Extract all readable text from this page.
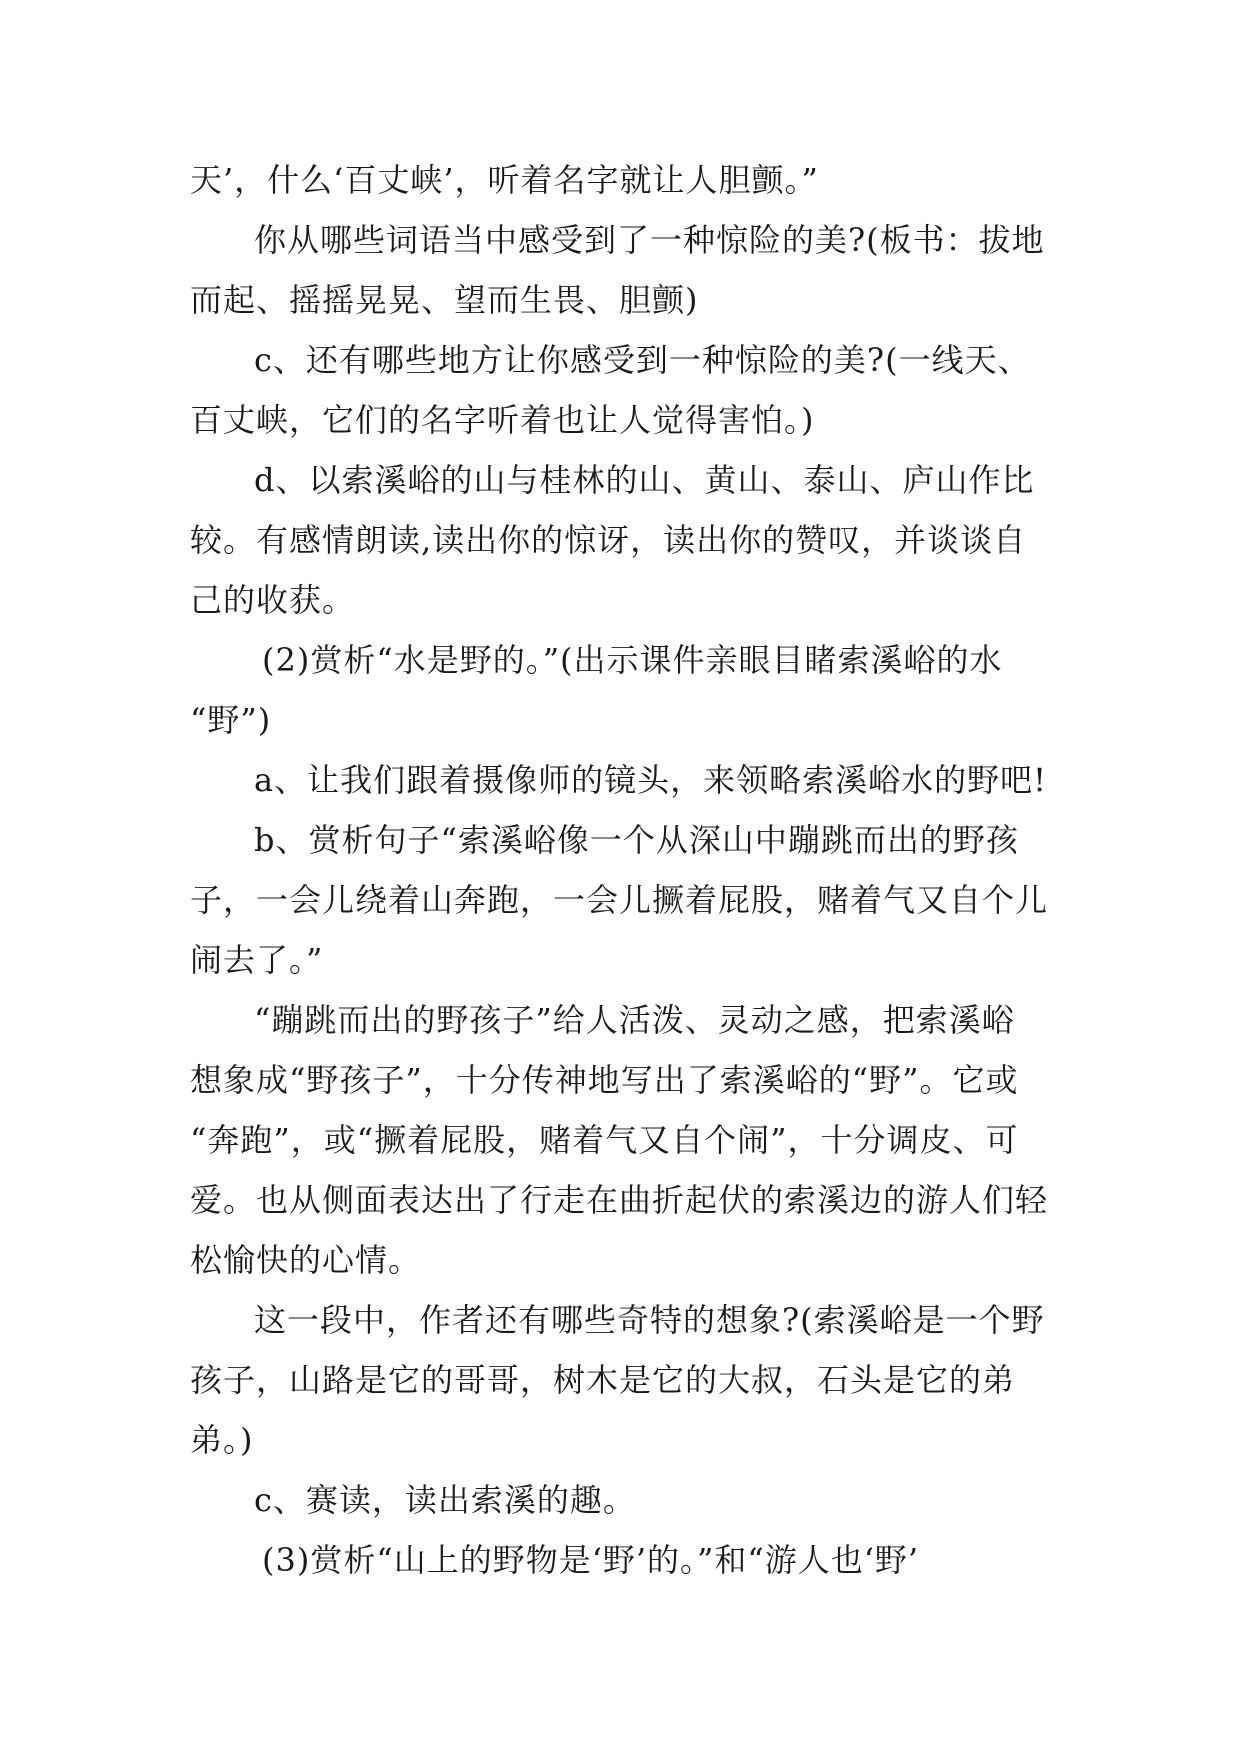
天’，什么‘百丈峡’，听着名字就让人胆颤。”
你从哪些词语当中感受到了一种惊险的美?(板书：拔地
而起、摇摇晃晃、望而生畏、胆颤)
c、还有哪些地方让你感受到一种惊险的美?(一线天、
百丈峡，它们的名字听着也让人觉得害怕。)
d、以索溪峪的山与桂林的山、黄山、泰山、庐山作比
较。有感情朗读,读出你的惊讶，读出你的赞叹，并谈谈自
己的收获。
(2)赏析“水是野的。”(出示课件亲眼目睹索溪峪的水
“野”)
a、让我们跟着摄像师的镜头，来领略索溪峪水的野吧!
b、赏析句子“索溪峪像一个从深山中蹦跳而出的野孩
子，一会儿绕着山奔跑，一会儿撅着屁股，赌着气又自个儿
闹去了。”
“蹦跳而出的野孩子”给人活泼、灵动之感，把索溪峪
想象成“野孩子”，十分传神地写出了索溪峪的“野”。它或
“奔跑”，或“撅着屁股，赌着气又自个闹”，十分调皮、可
爱。也从侧面表达出了行走在曲折起伏的索溪边的游人们轻
松愉快的心情。
这一段中，作者还有哪些奇特的想象?(索溪峪是一个野
孩子，山路是它的哥哥，树木是它的大叔，石头是它的弟
弟。)
c、赛读，读出索溪的趣。
(3)赏析“山上的野物是‘野’的。”和“游人也‘野’
